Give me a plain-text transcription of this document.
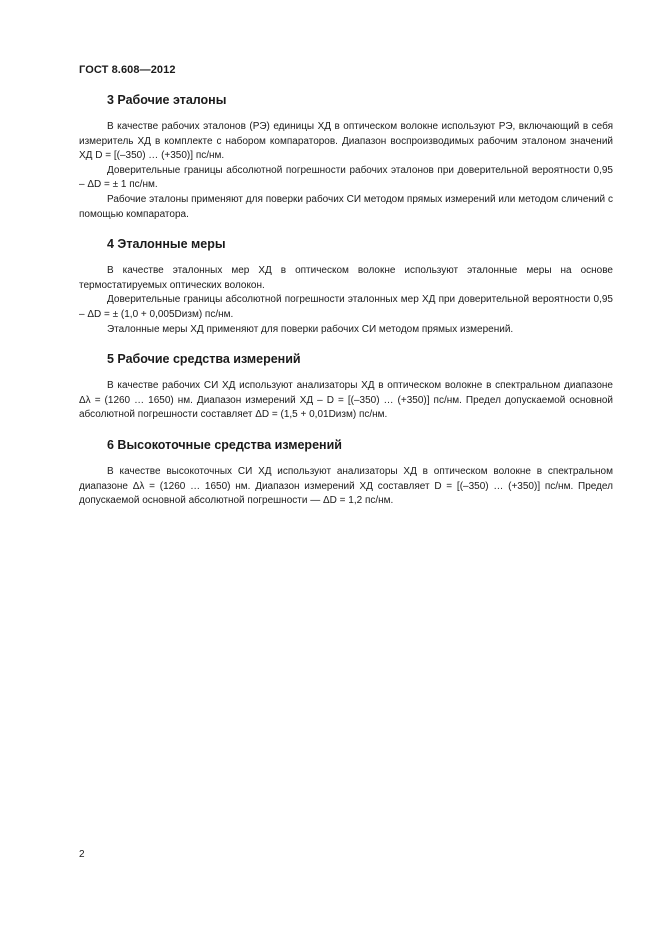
ГОСТ 8.608—2012
3 Рабочие эталоны

В качестве рабочих эталонов (РЭ) единицы ХД в оптическом волокне используют РЭ, включающий в себя измеритель ХД в комплекте с набором компараторов. Диапазон воспроизводимых рабочим эталоном значений ХД D = [(–350) … (+350)] пс/нм.

Доверительные границы абсолютной погрешности рабочих эталонов при доверительной вероятности 0,95 – ΔD = ± 1 пс/нм.

Рабочие эталоны применяют для поверки рабочих СИ методом прямых измерений или методом сличений с помощью компаратора.

4 Эталонные меры

В качестве эталонных мер ХД в оптическом волокне используют эталонные меры на основе термостатируемых оптических волокон.

Доверительные границы абсолютной погрешности эталонных мер ХД при доверительной вероятности 0,95 – ΔD = ± (1,0 + 0,005Dизм) пс/нм.

Эталонные меры ХД применяют для поверки рабочих СИ методом прямых измерений.

5 Рабочие средства измерений

В качестве рабочих СИ ХД используют анализаторы ХД в оптическом волокне в спектральном диапазоне Δλ = (1260 … 1650) нм. Диапазон измерений ХД – D = [(–350) … (+350)] пс/нм. Предел допускаемой основной абсолютной погрешности составляет ΔD = (1,5 + 0,01Dизм) пс/нм.

6 Высокоточные средства измерений

В качестве высокоточных СИ ХД используют анализаторы ХД в оптическом волокне в спектральном диапазоне Δλ = (1260 … 1650) нм. Диапазон измерений ХД составляет D = [(–350) … (+350)] пс/нм. Предел допускаемой основной абсолютной погрешности — ΔD = 1,2 пс/нм.

2
